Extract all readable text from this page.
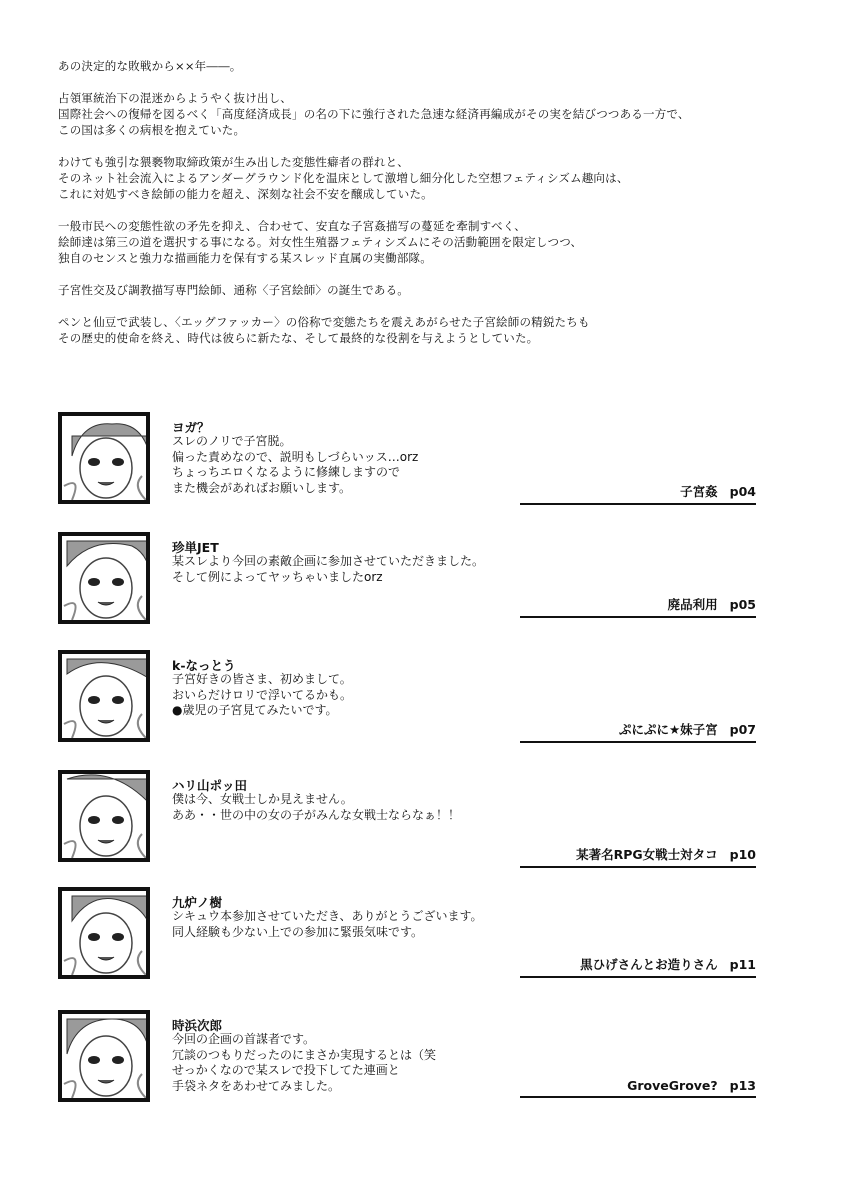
あの決定的な敗戦から××年――。

占領軍統治下の混迷からようやく抜け出し、
国際社会への復帰を図るべく「高度経済成長」の名の下に強行された急速な経済再編成がその実を結びつつある一方で、
この国は多くの病根を抱えていた。

わけても強引な猥褻物取締政策が生み出した変態性癖者の群れと、
そのネット社会流入によるアンダーグラウンド化を温床として激増し細分化した空想フェティシズム趣向は、
これに対処すべき絵師の能力を超え、深刻な社会不安を醸成していた。

一般市民への変態性欲の矛先を抑え、合わせて、安直な子宮姦描写の蔓延を牽制すべく、
絵師達は第三の道を選択する事になる。対女性生殖器フェティシズムにその活動範囲を限定しつつ、
独自のセンスと強力な描画能力を保有する某スレッド直属の実働部隊。

子宮性交及び調教描写専門絵師、通称〈子宮絵師〉の誕生である。

ペンと仙豆で武装し、〈エッグファッカー〉の俗称で変態たちを震えあがらせた子宮絵師の精鋭たちも
その歴史的使命を終え、時代は彼らに新たな、そして最終的な役割を与えようとしていた。

ヨガ？
スレのノリで子宮脱。
偏った責めなので、説明もしづらいッス…orz
ちょっちエロくなるように修練しますので
また機会があればお願いします。	子宮姦 p04
珍単JET
某スレより今回の素敵企画に参加させていただきました。
そして例によってヤッちゃいましたorz
廃品利用 p05
k-なっとう
子宮好きの皆さま、初めまして。
おいらだけロリで浮いてるかも。
●歳児の子宮見てみたいです。
ぷにぷに★妹子宮 p07
ハリ山ポッ田
僕は今、女戦士しか見えません。
ああ・・世の中の女の子がみんな女戦士ならなぁ！！
某著名RPG女戦士対タコ p10
九炉ノ樹
シキュウ本参加させていただき、ありがとうございます。
同人経験も少ない上での参加に緊張気味です。
黒ひげさんとお造りさん p11
時浜次郎
今回の企画の首謀者です。
冗談のつもりだったのにまさか実現するとは（笑
せっかくなので某スレで投下してた連画と
手袋ネタをあわせてみました。	GroveGrove? p13
